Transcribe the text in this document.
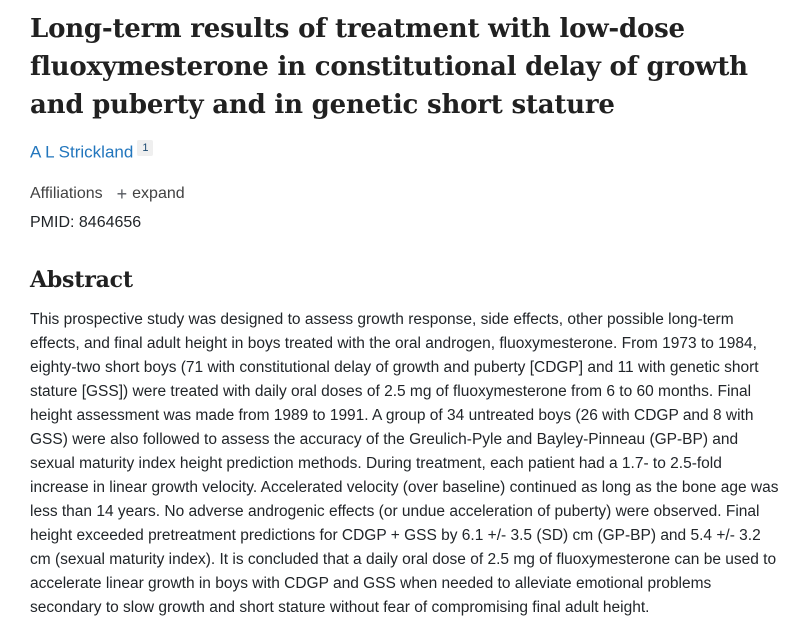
Long-term results of treatment with low-dose fluoxymesterone in constitutional delay of growth and puberty and in genetic short stature
A L Strickland $^1$
Affiliations + expand
PMID: 8464656
Abstract

This prospective study was designed to assess growth response, side effects, other possible long-term effects, and final adult height in boys treated with the oral androgen, fluoxymesterone. From 1973 to 1984, eighty-two short boys (71 with constitutional delay of growth and puberty [CDGP] and 11 with genetic short stature [GSS]) were treated with daily oral doses of 2.5 mg of fluoxymesterone from 6 to 60 months. Final height assessment was made from 1989 to 1991. A group of 34 untreated boys (26 with CDGP and 8 with GSS) were also followed to assess the accuracy of the Greulich-Pyle and Bayley-Pinneau (GP-BP) and sexual maturity index height prediction methods. During treatment, each patient had a 1.7- to 2.5-fold increase in linear growth velocity. Accelerated velocity (over baseline) continued as long as the bone age was less than 14 years. No adverse androgenic effects (or undue acceleration of puberty) were observed. Final height exceeded pretreatment predictions for CDGP + GSS by 6.1 +/- 3.5 (SD) cm (GP-BP) and 5.4 +/- 3.2 cm (sexual maturity index). It is concluded that a daily oral dose of 2.5 mg of fluoxymesterone can be used to accelerate linear growth in boys with CDGP and GSS when needed to alleviate emotional problems secondary to slow growth and short stature without fear of compromising final adult height.
